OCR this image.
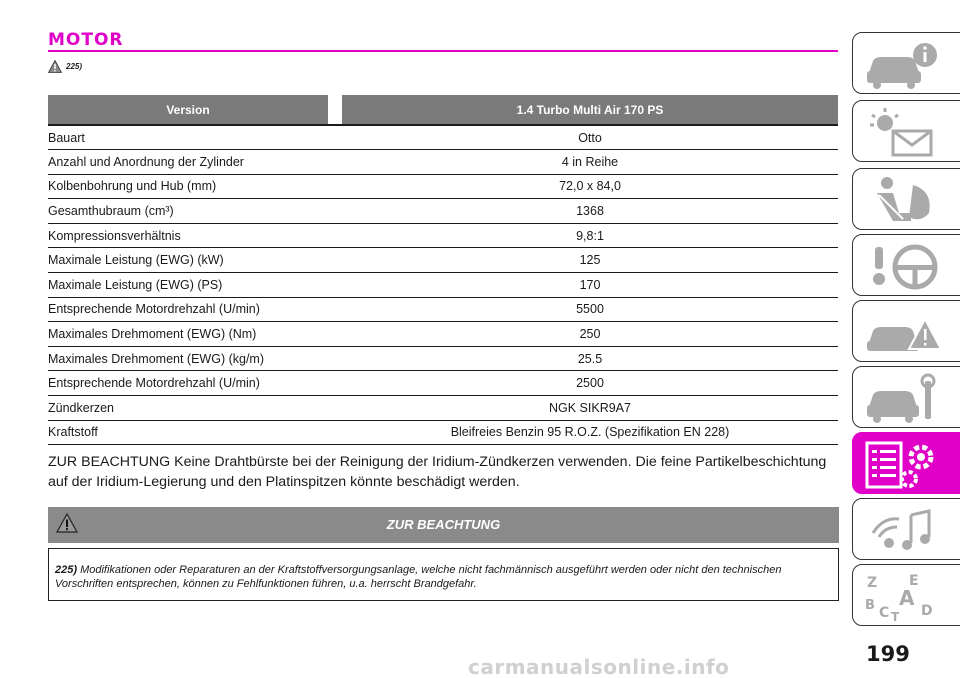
MOTOR
225)
Version		1.4 Turbo Multi Air 170 PS
Bauart		Otto
Anzahl und Anordnung der Zylinder		4 in Reihe
Kolbenbohrung und Hub (mm)		72,0 x 84,0
Gesamthubraum (cm³)		1368
Kompressionsverhältnis		9,8:1
Maximale Leistung (EWG) (kW)		125
Maximale Leistung (EWG) (PS)		170
Entsprechende Motordrehzahl (U/min)		5500
Maximales Drehmoment (EWG) (Nm)		250
Maximales Drehmoment (EWG) (kg/m)		25.5
Entsprechende Motordrehzahl (U/min)		2500
Zündkerzen		NGK SIKR9A7
Kraftstoff		Bleifreies Benzin 95 R.O.Z. (Spezifikation EN 228)

ZUR BEACHTUNG Keine Drahtbürste bei der Reinigung der Iridium-Zündkerzen verwenden. Die feine Partikelbeschichtung auf der Iridium-Legierung und den Platinspitzen könnte beschädigt werden.

ZUR BEACHTUNG
225) Modifikationen oder Reparaturen an der Kraftstoffversorgungsanlage, welche nicht fachmännisch ausgeführt werden oder nicht den technischen Vorschriften entsprechen, können zu Fehlfunktionen führen, u.a. herrscht Brandgefahr.	Z E
B A
C D
T
199
carmanualsonline.info
